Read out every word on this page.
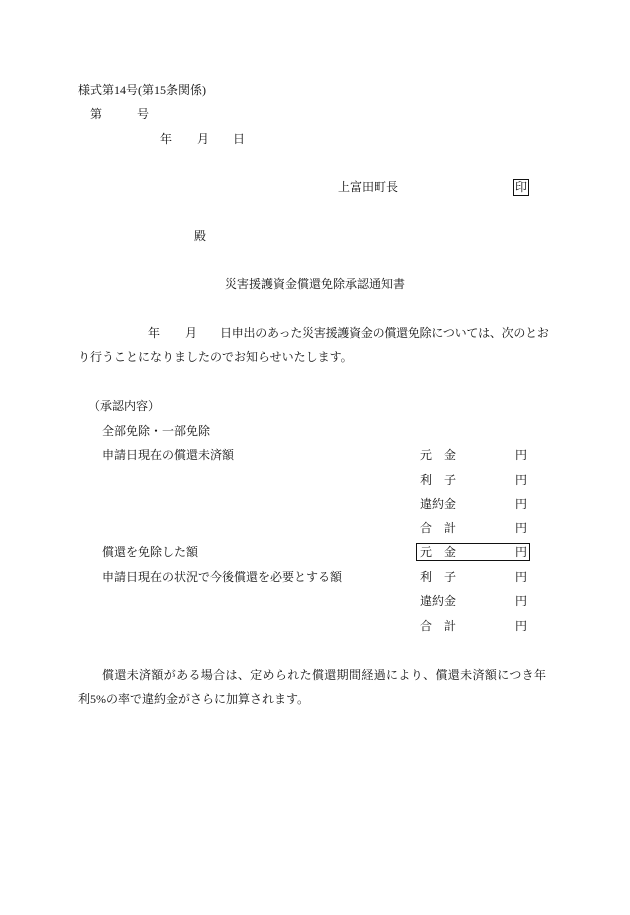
様式第14号(第15条関係)
第	号
年 月 日
上富田町長	印
殿
災害援護資金償還免除承認通知書
年 月 日申出のあった災害援護資金の償還免除については、次のとお
り行うことになりましたのでお知らせいたします。
（承認内容）
全部免除・一部免除
申請日現在の償還未済額	元　金	円
利　子	円
違約金	円
合　計	円
償還を免除した額	元　金	円
申請日現在の状況で今後償還を必要とする額	利　子	円
違約金	円
合　計	円
償還未済額がある場合は、定められた償還期間経過により、償還未済額につき年
利5%の率で違約金がさらに加算されます。
